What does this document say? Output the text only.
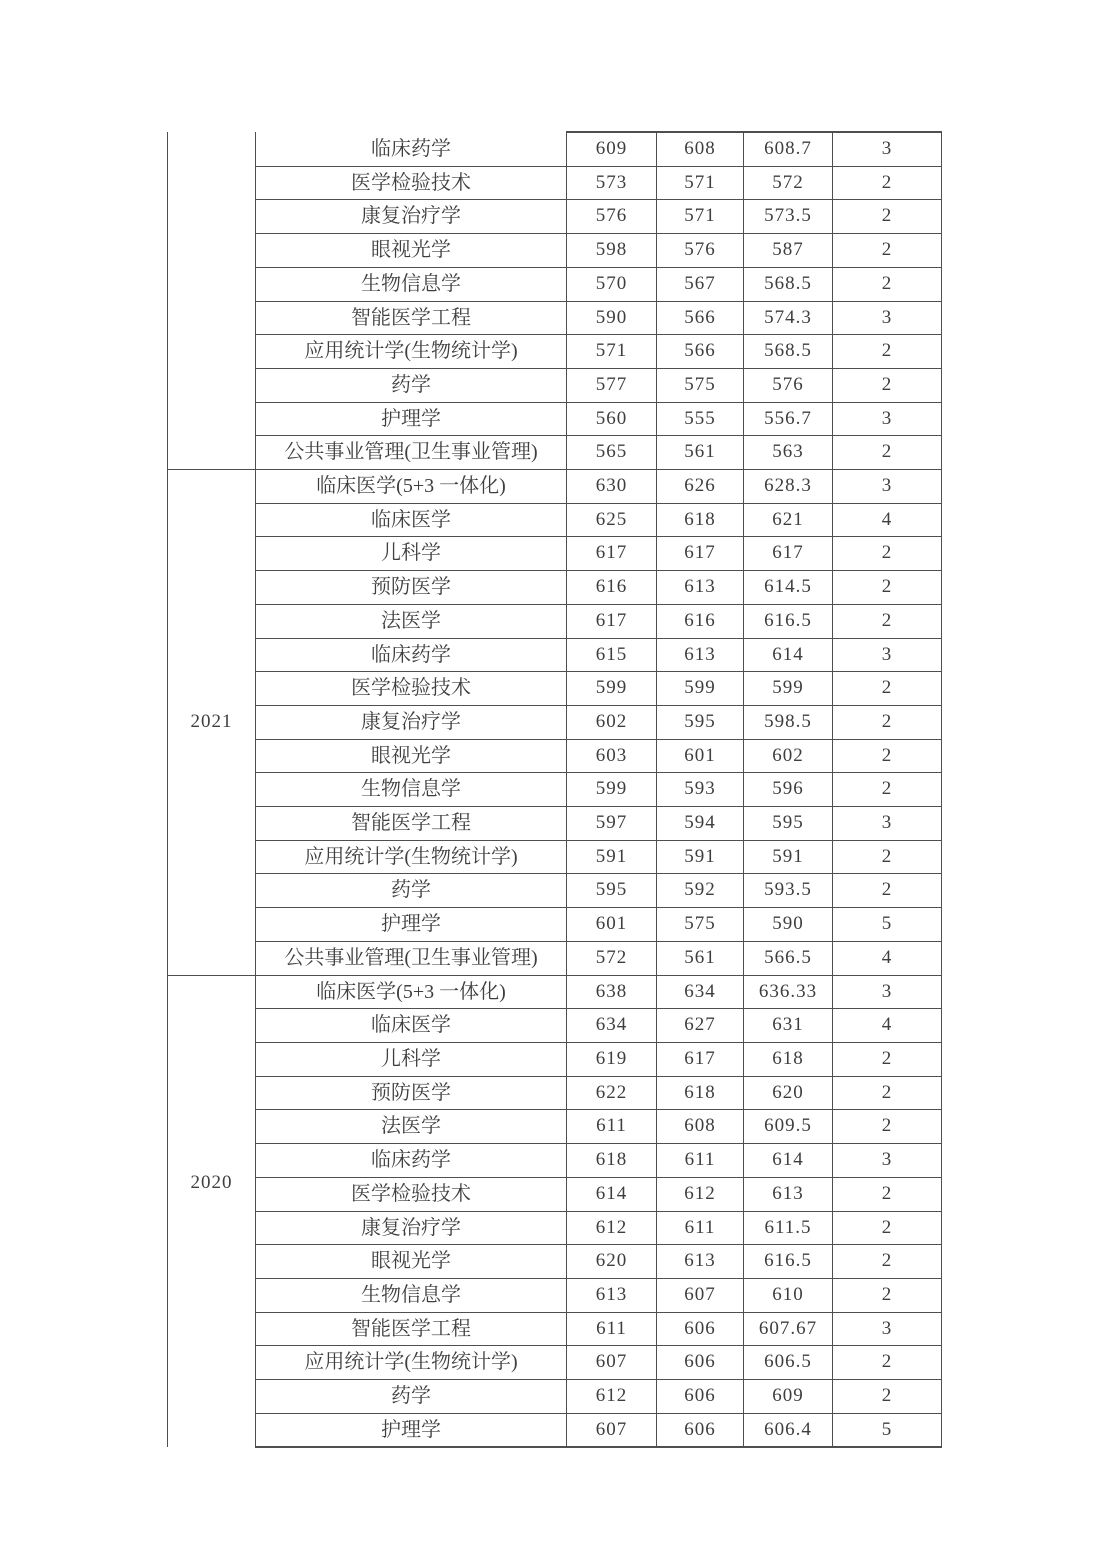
	临床药学	609	608	608.7	3
	医学检验技术	573	571	572	2
	康复治疗学	576	571	573.5	2
	眼视光学	598	576	587	2
	生物信息学	570	567	568.5	2
	智能医学工程	590	566	574.3	3
	应用统计学(生物统计学)	571	566	568.5	2
	药学	577	575	576	2
	护理学	560	555	556.7	3
	公共事业管理(卫生事业管理)	565	561	563	2
2021	临床医学(5+3 一体化)	630	626	628.3	3
	临床医学	625	618	621	4
	儿科学	617	617	617	2
	预防医学	616	613	614.5	2
	法医学	617	616	616.5	2
	临床药学	615	613	614	3
	医学检验技术	599	599	599	2
	康复治疗学	602	595	598.5	2
	眼视光学	603	601	602	2
	生物信息学	599	593	596	2
	智能医学工程	597	594	595	3
	应用统计学(生物统计学)	591	591	591	2
	药学	595	592	593.5	2
	护理学	601	575	590	5
	公共事业管理(卫生事业管理)	572	561	566.5	4
2020	临床医学(5+3 一体化)	638	634	636.33	3
	临床医学	634	627	631	4
	儿科学	619	617	618	2
	预防医学	622	618	620	2
	法医学	611	608	609.5	2
	临床药学	618	611	614	3
	医学检验技术	614	612	613	2
	康复治疗学	612	611	611.5	2
	眼视光学	620	613	616.5	2
	生物信息学	613	607	610	2
	智能医学工程	611	606	607.67	3
	应用统计学(生物统计学)	607	606	606.5	2
	药学	612	606	609	2
	护理学	607	606	606.4	5
